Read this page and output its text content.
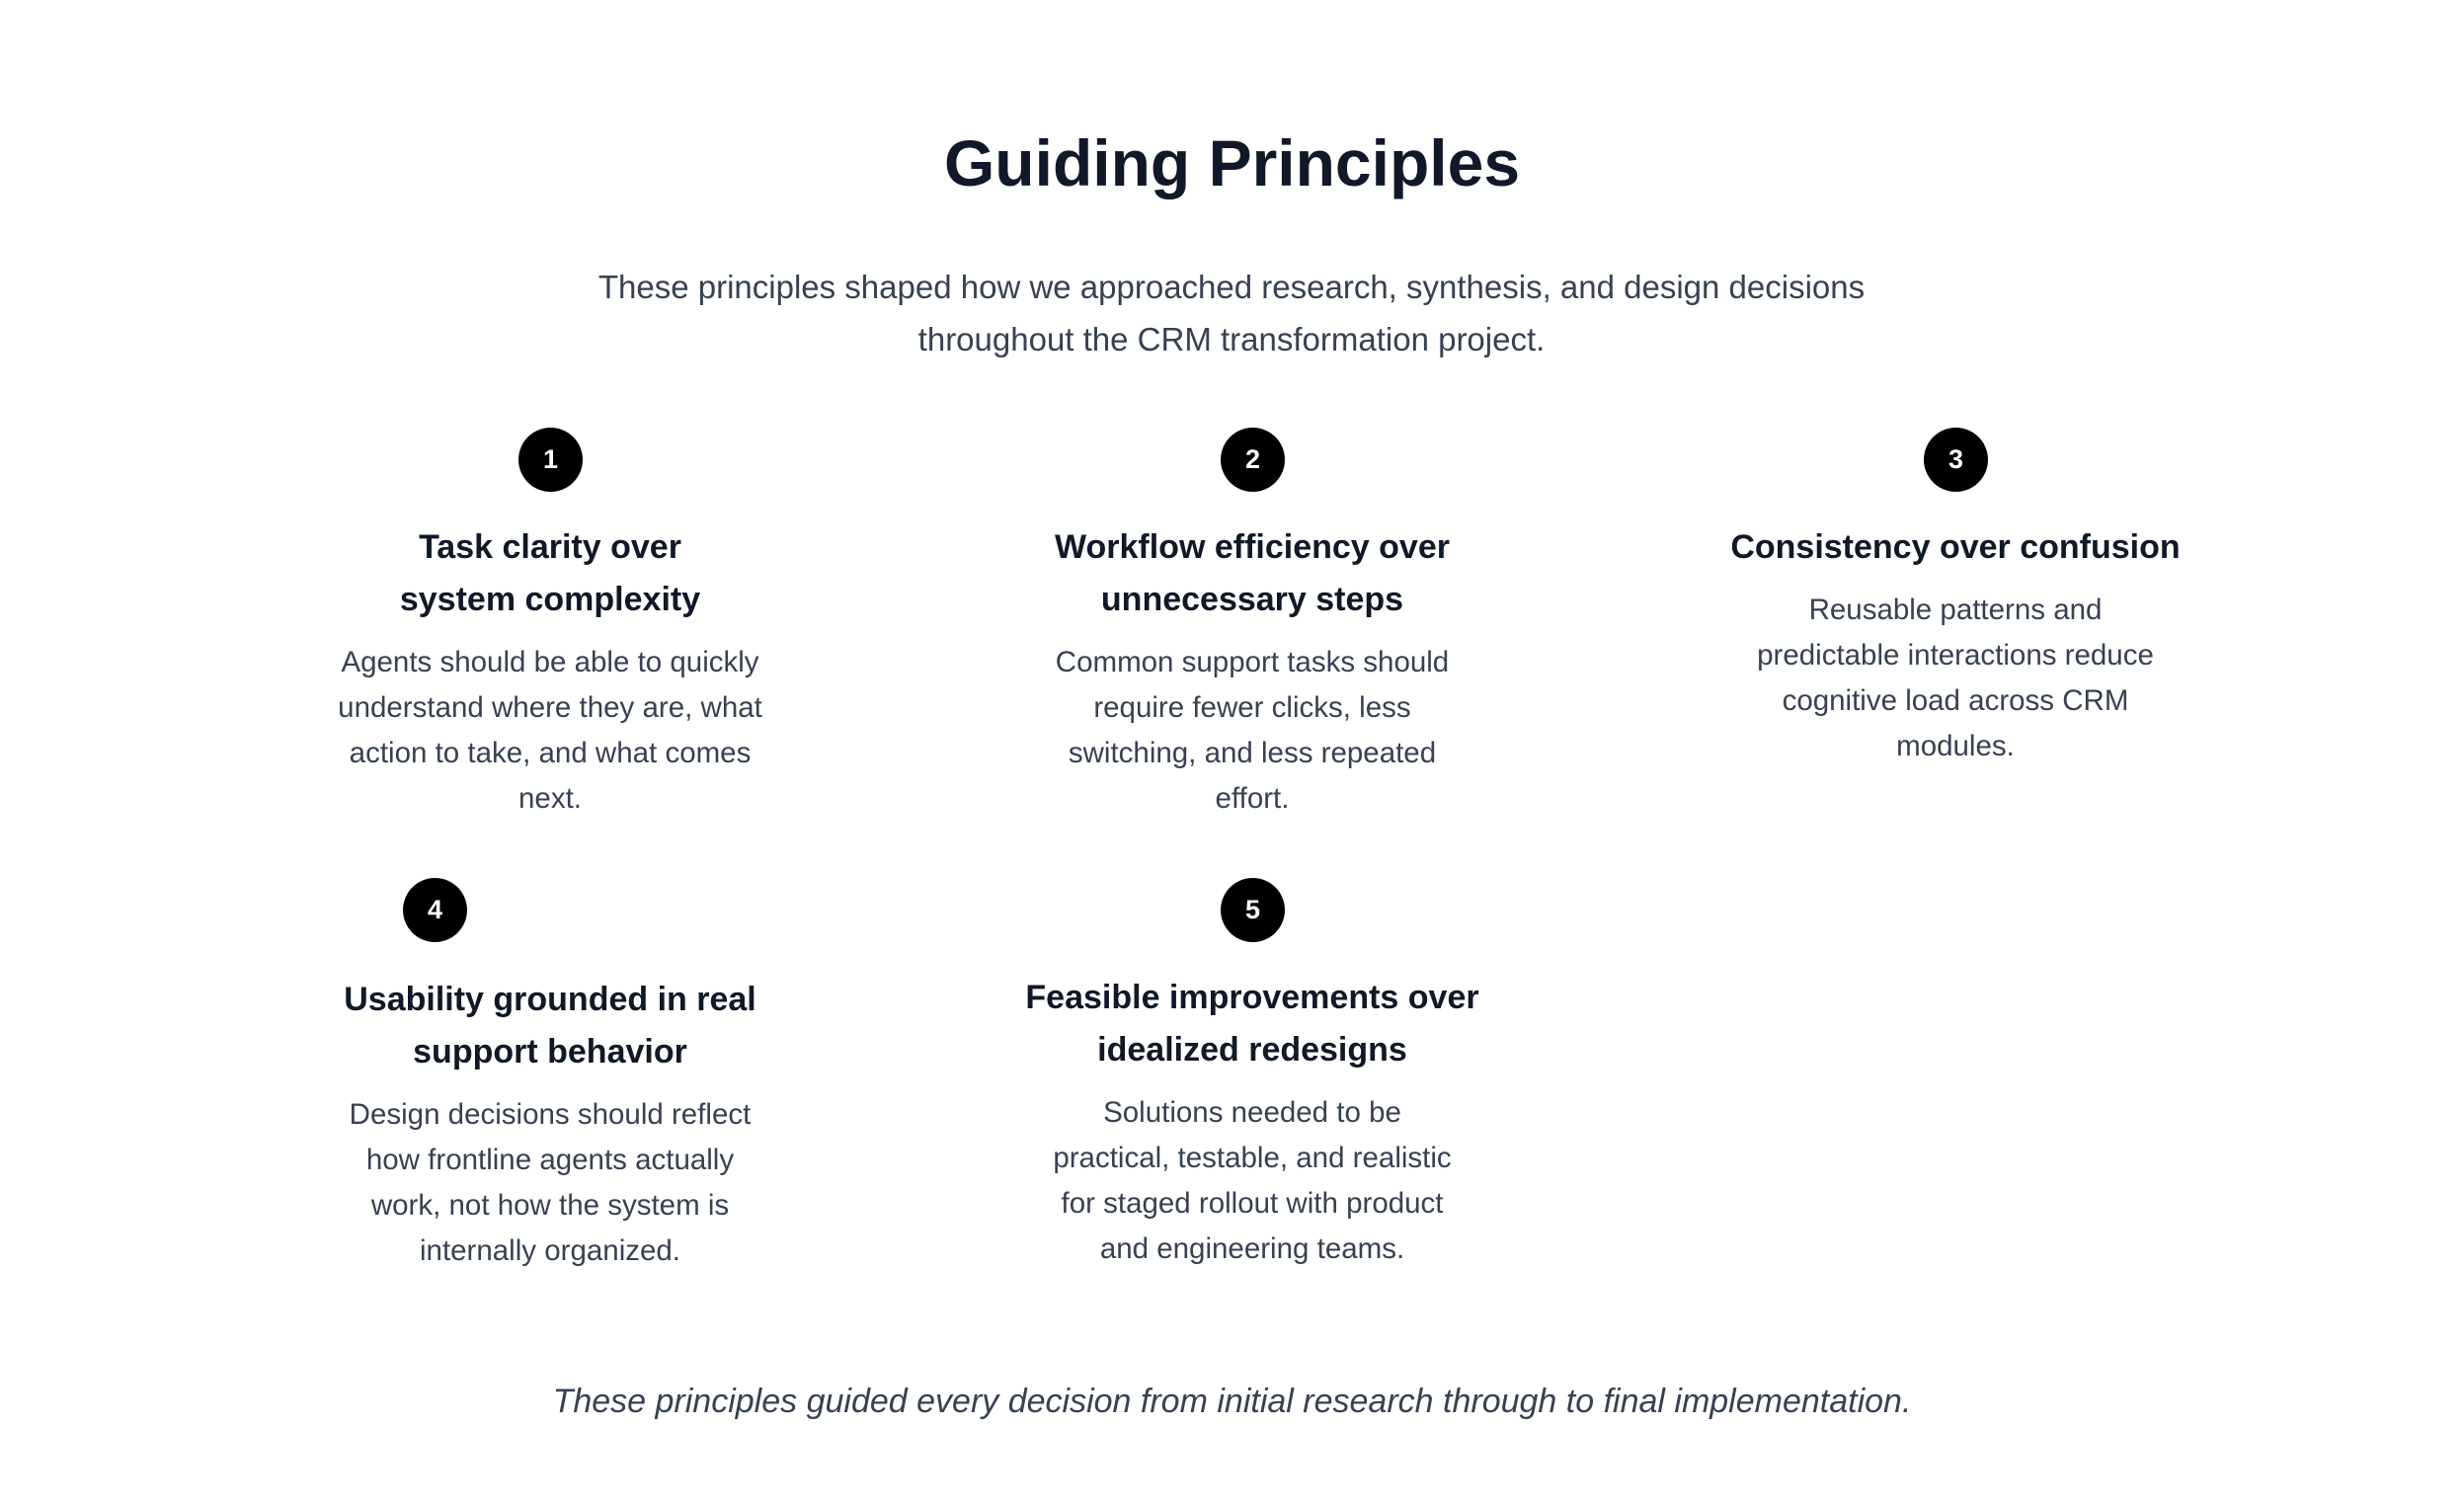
Guiding Principles

These principles shaped how we approached research, synthesis, and design decisions throughout the CRM transformation project.

1
Task clarity over system complexity

Agents should be able to quickly understand where they are, what action to take, and what comes next.

2
Workflow efficiency over unnecessary steps

Common support tasks should require fewer clicks, less switching, and less repeated effort.

3
Consistency over confusion

Reusable patterns and predictable interactions reduce cognitive load across CRM modules.

4
Usability grounded in real support behavior

Design decisions should reflect how frontline agents actually work, not how the system is internally organized.

5
Feasible improvements over idealized redesigns

Solutions needed to be practical, testable, and realistic for staged rollout with product and engineering teams.

These principles guided every decision from initial research through to final implementation.
